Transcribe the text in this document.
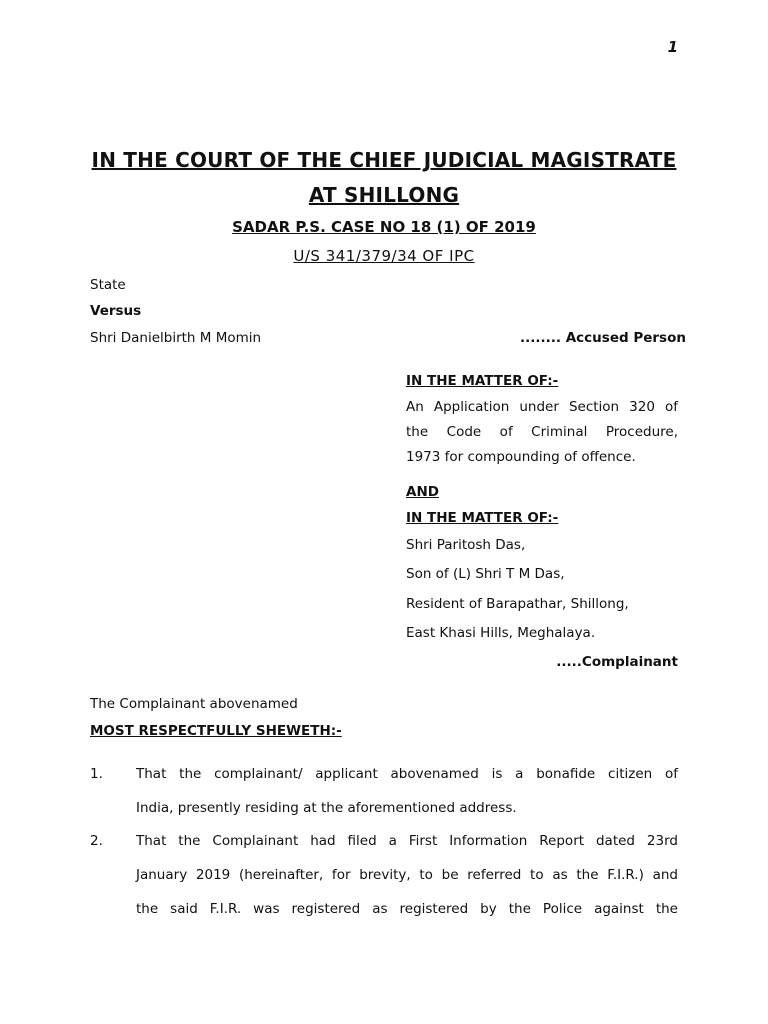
1
IN THE COURT OF THE CHIEF JUDICIAL MAGISTRATE
AT SHILLONG
SADAR P.S. CASE NO 18 (1) OF 2019
U/S 341/379/34 OF IPC
State
Versus
Shri Danielbirth M Momin	........ Accused Person
IN THE MATTER OF:-
An Application under Section 320 of
the Code of Criminal Procedure,
1973 for compounding of offence.
AND
IN THE MATTER OF:-
Shri Paritosh Das,
Son of (L) Shri T M Das,
Resident of Barapathar, Shillong,
East Khasi Hills, Meghalaya.
.....Complainant
The Complainant abovenamed
MOST RESPECTFULLY SHEWETH:-
1. That the complainant/ applicant abovenamed is a bonafide citizen of
India, presently residing at the aforementioned address.
2. That the Complainant had filed a First Information Report dated 23rd
January 2019 (hereinafter, for brevity, to be referred to as the F.I.R.) and
the said F.I.R. was registered as registered by the Police against the
